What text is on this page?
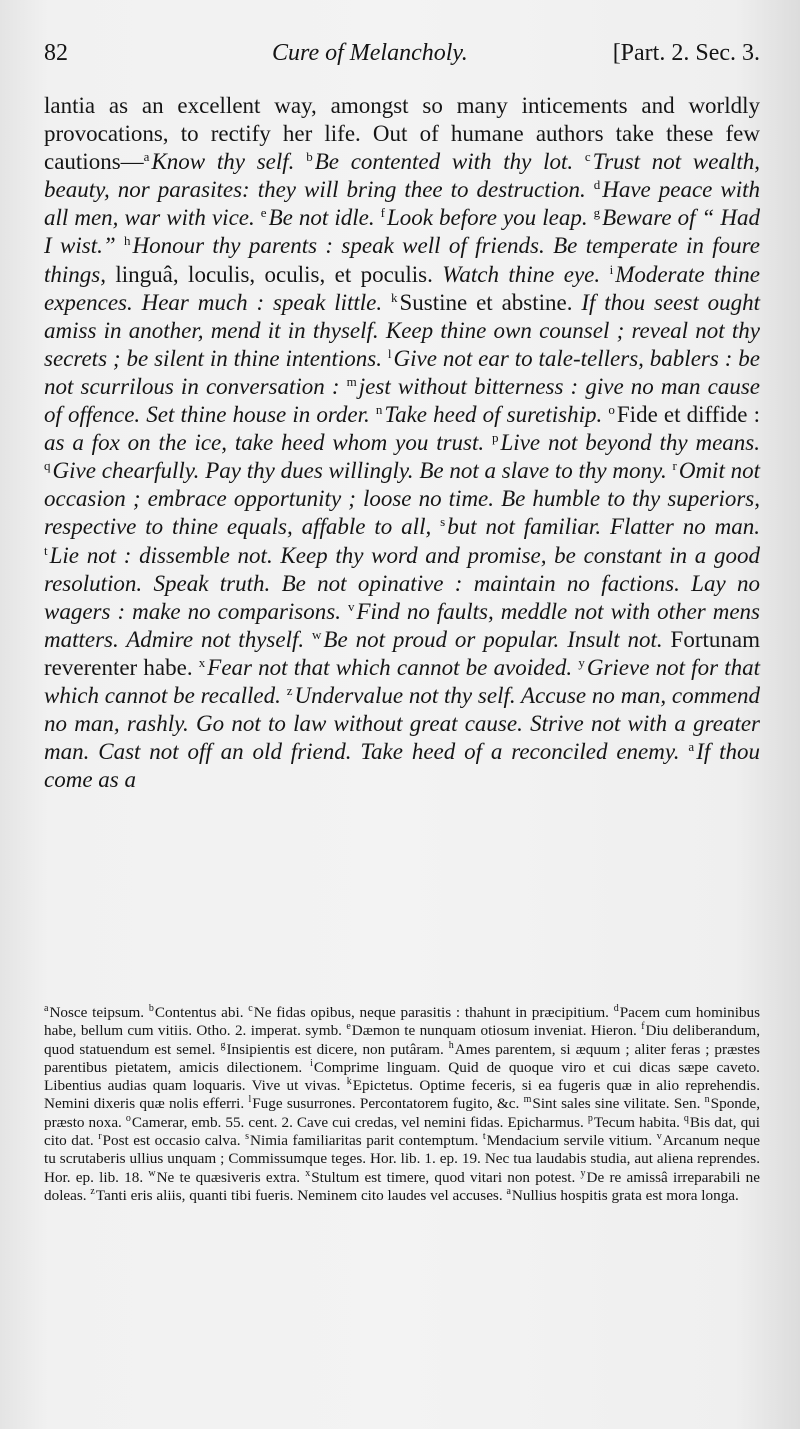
82	Cure of Melancholy.	[Part. 2. Sec. 3.

lantia as an excellent way, amongst so many inticements and worldly provocations, to rectify her life. Out of humane authors take these few cautions—$^a$Know thy self. $^b$Be contented with thy lot. $^c$Trust not wealth, beauty, nor parasites: they will bring thee to destruction. $^d$Have peace with all men, war with vice. $^e$Be not idle. $^f$Look before you leap. $^g$Beware of “ Had I wist.” $^h$Honour thy parents : speak well of friends. Be temperate in foure things, linguâ, loculis, oculis, et poculis. Watch thine eye. $^i$Moderate thine expences. Hear much : speak little. $^k$Sustine et abstine. If thou seest ought amiss in another, mend it in thyself. Keep thine own counsel ; reveal not thy secrets ; be silent in thine intentions. $^l$Give not ear to tale-tellers, bablers : be not scurrilous in conversation : $^m$jest without bitterness : give no man cause of offence. Set thine house in order. $^n$Take heed of suretiship. $^o$Fide et diffide : as a fox on the ice, take heed whom you trust. $^p$Live not beyond thy means. $^q$Give chearfully. Pay thy dues willingly. Be not a slave to thy mony. $^r$Omit not occasion ; embrace opportunity ; loose no time. Be humble to thy superiors, respective to thine equals, affable to all, $^s$but not familiar. Flatter no man. $^t$Lie not : dissemble not. Keep thy word and promise, be constant in a good resolution. Speak truth. Be not opinative : maintain no factions. Lay no wagers : make no comparisons. $^v$Find no faults, meddle not with other mens matters. Admire not thyself. $^w$Be not proud or popular. Insult not. Fortunam reverenter habe. $^x$Fear not that which cannot be avoided. $^y$Grieve not for that which cannot be recalled. $^z$Undervalue not thy self. Accuse no man, commend no man, rashly. Go not to law without great cause. Strive not with a greater man. Cast not off an old friend. Take heed of a reconciled enemy. $^a$If thou come as a

$^a$Nosce teipsum. $^b$Contentus abi. $^c$Ne fidas opibus, neque parasitis : thahunt in præcipitium. $^d$Pacem cum hominibus habe, bellum cum vitiis. Otho. 2. imperat. symb. $^e$Dæmon te nunquam otiosum inveniat. Hieron. $^f$Diu deliberandum, quod statuendum est semel. $^g$Insipientis est dicere, non putâram. $^h$Ames parentem, si æquum ; aliter feras ; præstes parentibus pietatem, amicis dilectionem. $^i$Comprime linguam. Quid de quoque viro et cui dicas sæpe caveto. Libentius audias quam loquaris. Vive ut vivas. $^k$Epictetus. Optime feceris, si ea fugeris quæ in alio reprehendis. Nemini dixeris quæ nolis efferri. $^l$Fuge susurrones. Percontatorem fugito, &c. $^m$Sint sales sine vilitate. Sen. $^n$Sponde, præsto noxa. $^o$Camerar, emb. 55. cent. 2. Cave cui credas, vel nemini fidas. Epicharmus. $^p$Tecum habita. $^q$Bis dat, qui cito dat. $^r$Post est occasio calva. $^s$Nimia familiaritas parit contemptum. $^t$Mendacium servile vitium. $^v$Arcanum neque tu scrutaberis ullius unquam ; Commissumque teges. Hor. lib. 1. ep. 19. Nec tua laudabis studia, aut aliena reprendes. Hor. ep. lib. 18. $^w$Ne te quæsiveris extra. $^x$Stultum est timere, quod vitari non potest. $^y$De re amissâ irreparabili ne doleas. $^z$Tanti eris aliis, quanti tibi fueris. Neminem cito laudes vel accuses. $^a$Nullius hospitis grata est mora longa.
